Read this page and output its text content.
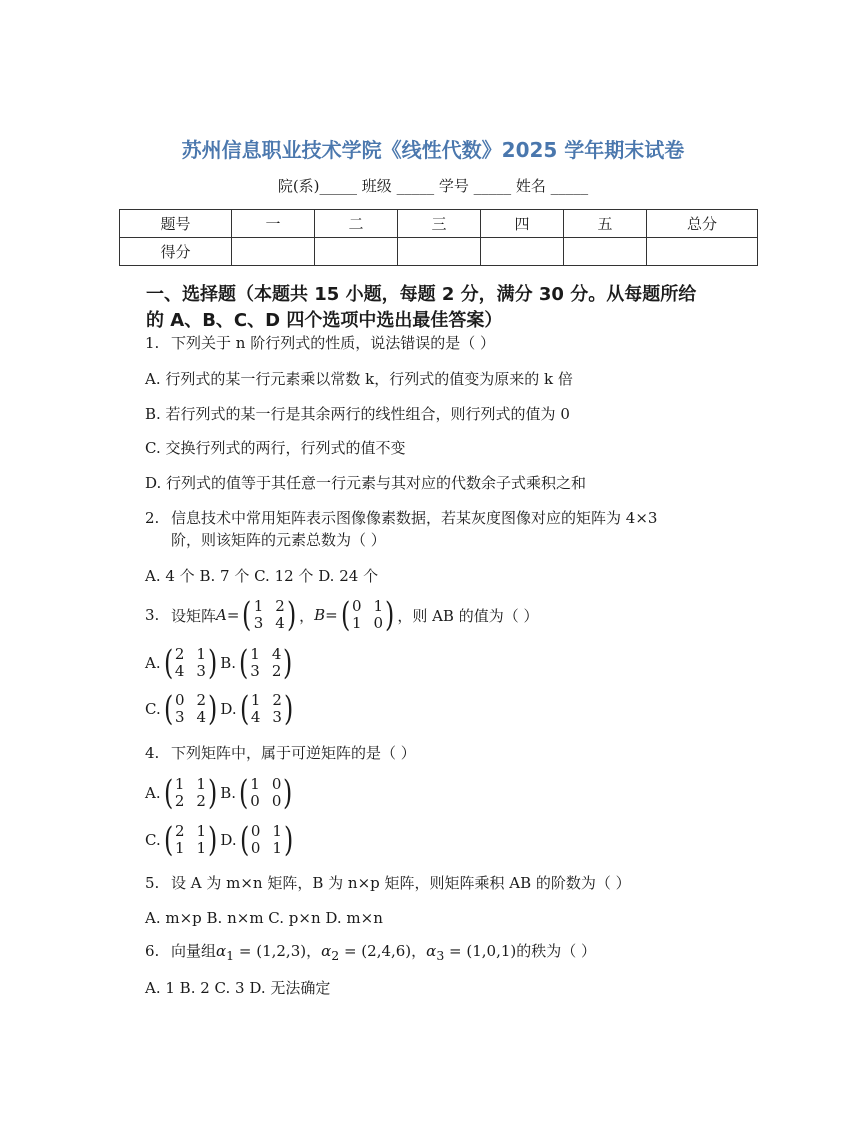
苏州信息职业技术学院《线性代数》2025 学年期末试卷
院(系)_____ 班级 _____ 学号 _____ 姓名 _____
题号	一	二	三	四	五	总分
得分						
一、选择题（本题共 15 小题，每题 2 分，满分 30 分。从每题所给
的 A、B、C、D 四个选项中选出最佳答案）
1. 下列关于 n 阶行列式的性质，说法错误的是（ ）
A. 行列式的某一行元素乘以常数 k，行列式的值变为原来的 k 倍
B. 若行列式的某一行是其余两行的线性组合，则行列式的值为 0
C. 交换行列式的两行，行列式的值不变
D. 行列式的值等于其任意一行元素与其对应的代数余子式乘积之和
2. 信息技术中常用矩阵表示图像像素数据，若某灰度图像对应的矩阵为 4×3
阶，则该矩阵的元素总数为（ ）
A. 4 个 B. 7 个 C. 12 个 D. 24 个
3. 设矩阵 A = ( 1 2
3 4 ) ， B = ( 0 1
1 0 ) ，则 AB 的值为（ ）
A. ( 2 1
4 3 ) B. ( 1 4
3 2 )
C. ( 0 2
3 4 ) D. ( 1 2
4 3 )
4. 下列矩阵中，属于可逆矩阵的是（ ）
A. ( 1 1
2 2 ) B. ( 1 0
0 0 )
C. ( 2 1
1 1 ) D. ( 0 1
0 1 )
5. 设 A 为 m×n 矩阵，B 为 n×p 矩阵，则矩阵乘积 AB 的阶数为（ ）
A. m×p B. n×m C. p×n D. m×n
6. 向量组$\alpha_1 = (1,2,3)$，$\alpha_2 = (2,4,6)$，$\alpha_3 = (1,0,1)$的秩为（ ）
A. 1 B. 2 C. 3 D. 无法确定
